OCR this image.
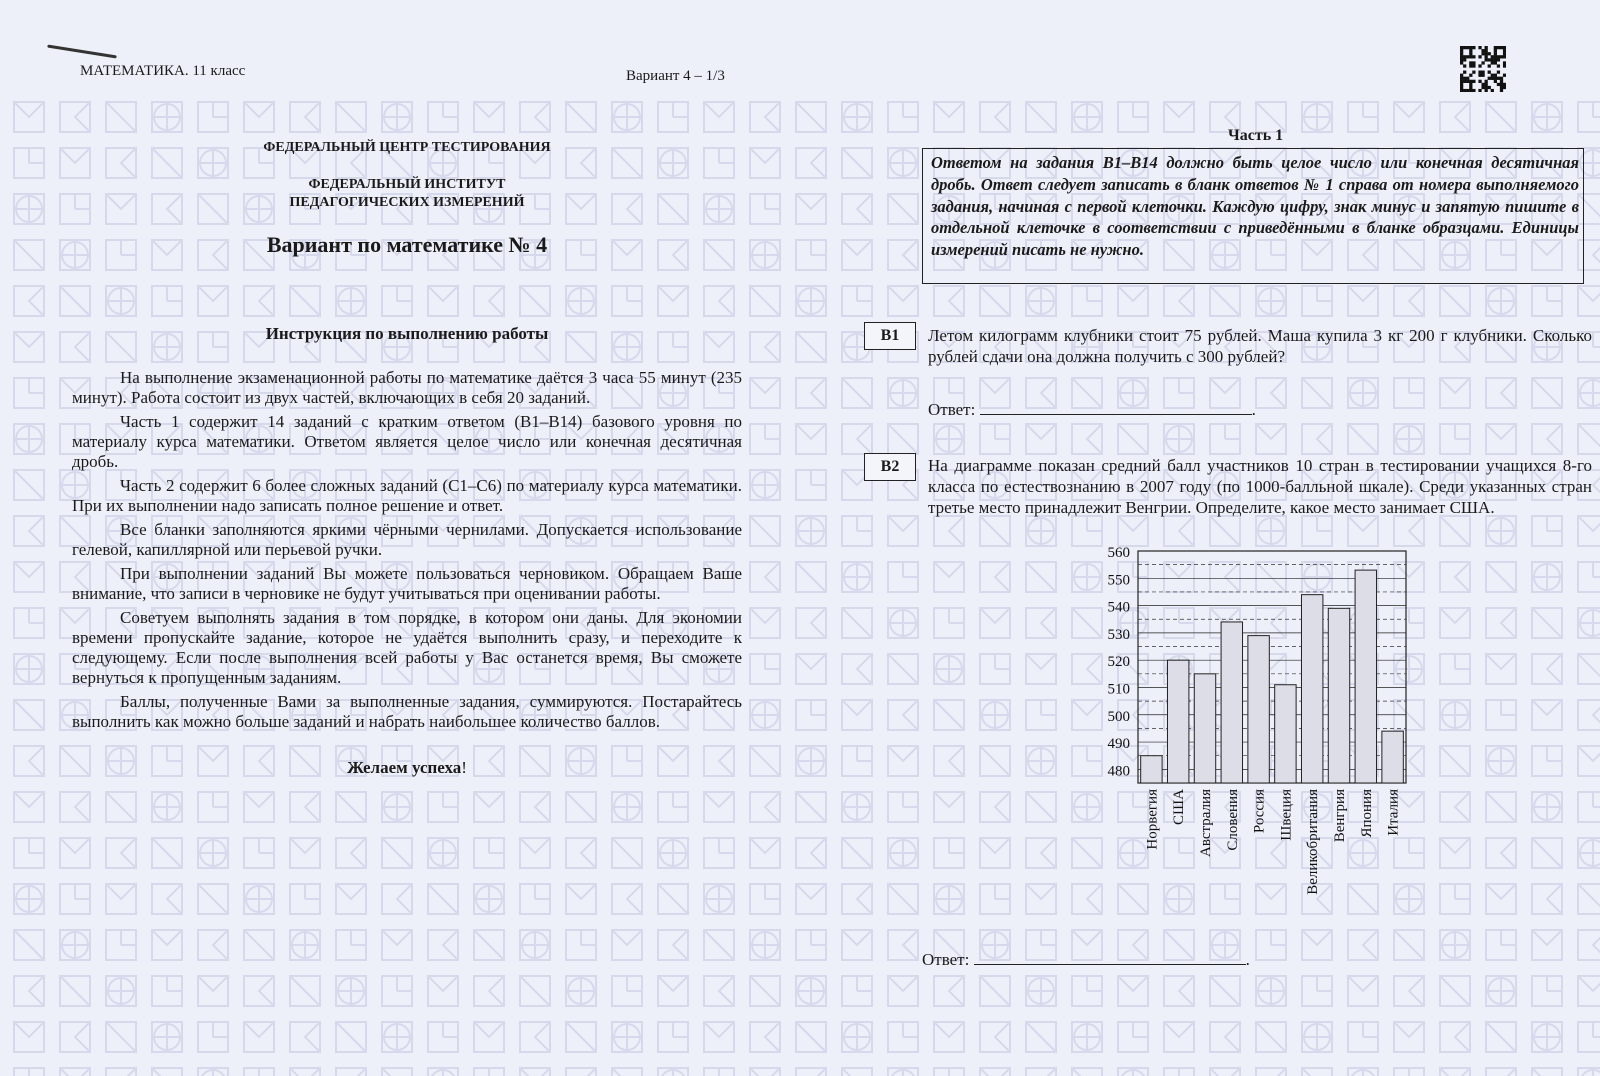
МАТЕМАТИКА. 11 класс	Вариант 4 – 1/3

ФЕДЕРАЛЬНЫЙ ЦЕНТР ТЕСТИРОВАНИЯ

ФЕДЕРАЛЬНЫЙ ИНСТИТУТ
ПЕДАГОГИЧЕСКИХ ИЗМЕРЕНИЙ

Вариант по математике № 4

Инструкция по выполнению работы

На выполнение экзаменационной работы по математике даётся 3 часа 55 минут (235 минут). Работа состоит из двух частей, включающих в себя 20 заданий.

Часть 1 содержит 14 заданий с кратким ответом (В1–В14) базового уровня по материалу курса математики. Ответом является целое число или конечная десятичная дробь.

Часть 2 содержит 6 более сложных заданий (С1–С6) по материалу курса математики. При их выполнении надо записать полное решение и ответ.

Все бланки заполняются яркими чёрными чернилами. Допускается использование гелевой, капиллярной или перьевой ручки.

При выполнении заданий Вы можете пользоваться черновиком. Обращаем Ваше внимание, что записи в черновике не будут учитываться при оценивании работы.

Советуем выполнять задания в том порядке, в котором они даны. Для экономии времени пропускайте задание, которое не удаётся выполнить сразу, и переходите к следующему. Если после выполнения всей работы у Вас останется время, Вы сможете вернуться к пропущенным заданиям.

Баллы, полученные Вами за выполненные задания, суммируются. Постарайтесь выполнить как можно больше заданий и набрать наибольшее количество баллов.

Желаем успеха!
Часть 1
Ответом на задания В1–В14 должно быть целое число или конечная десятичная дробь. Ответ следует записать в бланк ответов № 1 справа от номера выполняемого задания, начиная с первой клеточки. Каждую цифру, знак минус и запятую пишите в отдельной клеточке в соответствии с приведёнными в бланке образцами. Единицы измерений писать не нужно.
B1	Летом килограмм клубники стоит 75 рублей. Маша купила 3 кг 200 г клубники. Сколько рублей сдачи она должна получить с 300 рублей?
Ответ:	.
B2	На диаграмме показан средний балл участников 10 стран в тестировании учащихся 8-го класса по естествознанию в 2007 году (по 1000-балльной шкале). Среди указанных стран третье место принадлежит Венгрии. Определите, какое место занимает США.
480
490
500
510
520
530
540
550
560
Норвегия США Австралия Словения Россия Швеция Великобритания Венгрия Япония Италия
Ответ:	.
